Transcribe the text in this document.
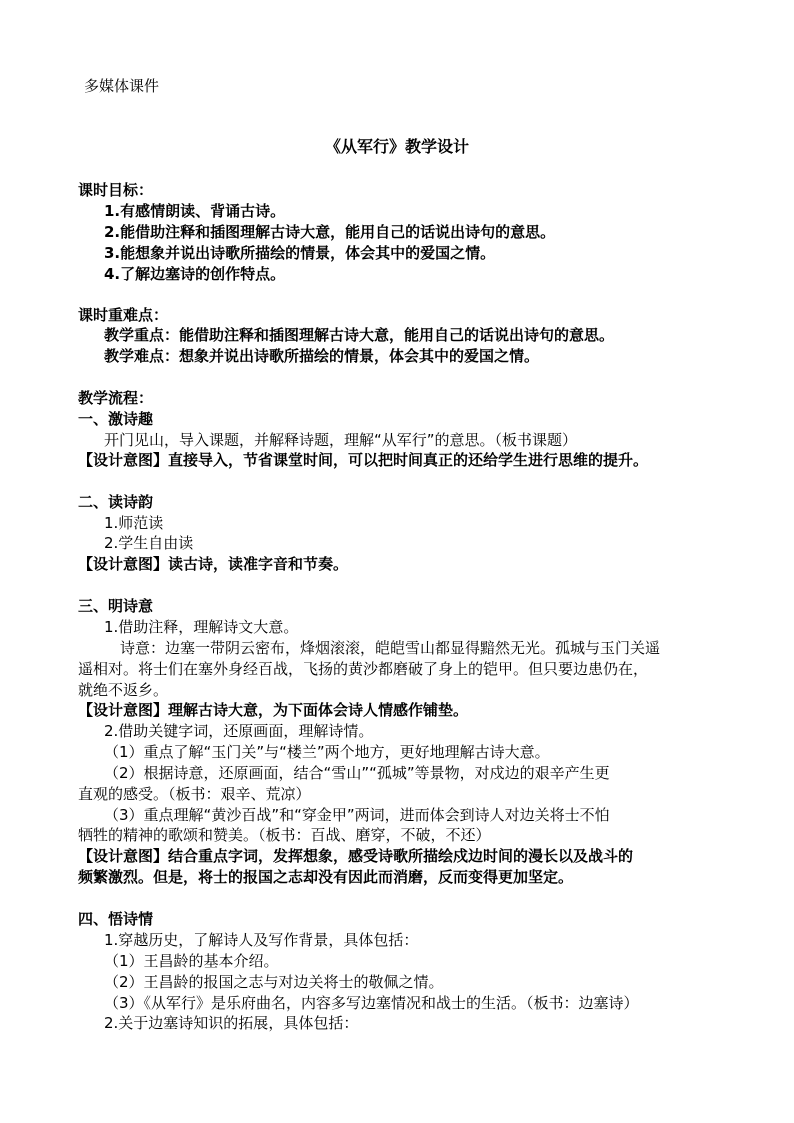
多媒体课件
《从军行》教学设计
课时目标：
1.有感情朗读、背诵古诗。
2.能借助注释和插图理解古诗大意，能用自己的话说出诗句的意思。
3.能想象并说出诗歌所描绘的情景，体会其中的爱国之情。
4.了解边塞诗的创作特点。
课时重难点：
教学重点：能借助注释和插图理解古诗大意，能用自己的话说出诗句的意思。
教学难点：想象并说出诗歌所描绘的情景，体会其中的爱国之情。
教学流程：
一、激诗趣
开门见山，导入课题，并解释诗题，理解“从军行”的意思。（板书课题）
【设计意图】直接导入，节省课堂时间，可以把时间真正的还给学生进行思维的提升。
二、读诗韵
1.师范读
2.学生自由读
【设计意图】读古诗，读准字音和节奏。
三、明诗意
1.借助注释，理解诗文大意。
诗意：边塞一带阴云密布，烽烟滚滚，皑皑雪山都显得黯然无光。孤城与玉门关遥
遥相对。将士们在塞外身经百战，飞扬的黄沙都磨破了身上的铠甲。但只要边患仍在，
就绝不返乡。
【设计意图】理解古诗大意，为下面体会诗人情感作铺垫。
2.借助关键字词，还原画面，理解诗情。
（1）重点了解“玉门关”与“楼兰”两个地方，更好地理解古诗大意。
（2）根据诗意，还原画面，结合“雪山”“孤城”等景物，对戍边的艰辛产生更
直观的感受。（板书：艰辛、荒凉）
（3）重点理解“黄沙百战”和“穿金甲”两词，进而体会到诗人对边关将士不怕
牺牲的精神的歌颂和赞美。（板书：百战、磨穿，不破，不还）
【设计意图】结合重点字词，发挥想象，感受诗歌所描绘戍边时间的漫长以及战斗的
频繁激烈。但是，将士的报国之志却没有因此而消磨，反而变得更加坚定。
四、悟诗情
1.穿越历史，了解诗人及写作背景，具体包括：
（1）王昌龄的基本介绍。
（2）王昌龄的报国之志与对边关将士的敬佩之情。
（3）《从军行》是乐府曲名，内容多写边塞情况和战士的生活。（板书：边塞诗）
2.关于边塞诗知识的拓展，具体包括：
